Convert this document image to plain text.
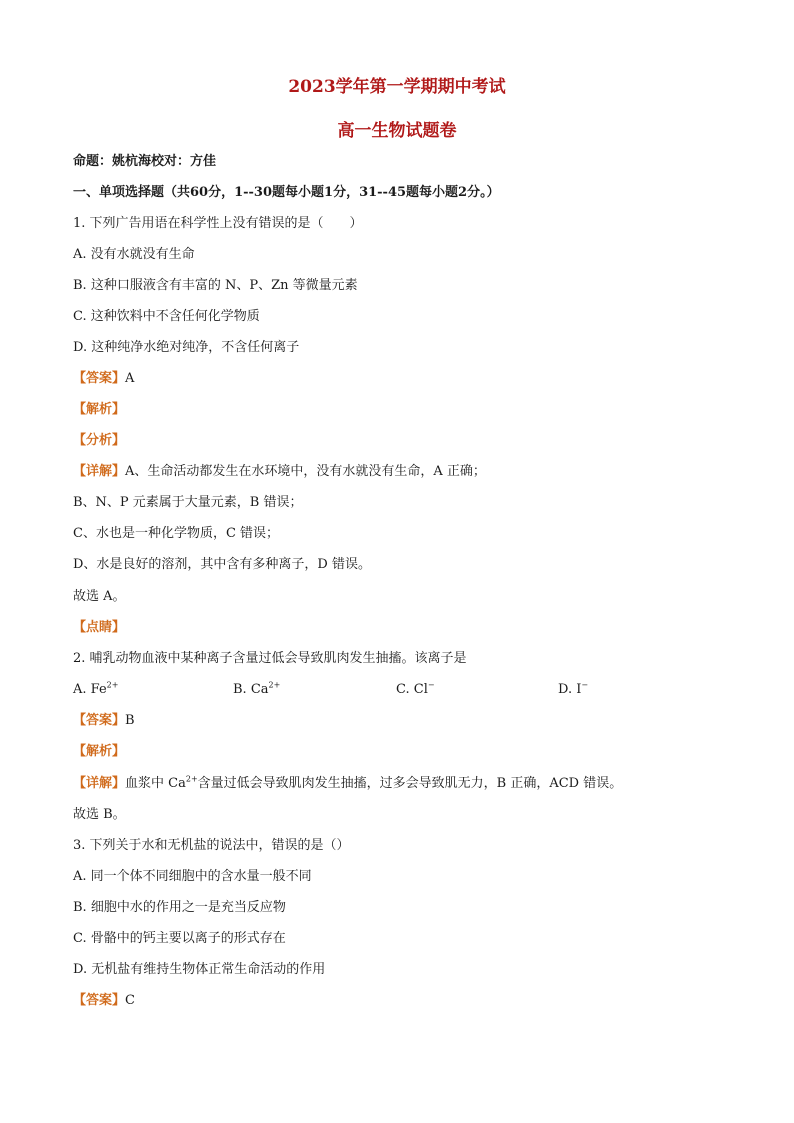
2023学年第一学期期中考试
高一生物试题卷
命题：姚杭海校对：方佳
一、单项选择题（共60分，1--30题每小题1分，31--45题每小题2分。）
1. 下列广告用语在科学性上没有错误的是（　　）
A. 没有水就没有生命
B. 这种口服液含有丰富的 N、P、Zn 等微量元素
C. 这种饮料中不含任何化学物质
D. 这种纯净水绝对纯净，不含任何离子
【答案】A
【解析】
【分析】
【详解】A、生命活动都发生在水环境中，没有水就没有生命，A 正确；
B、N、P 元素属于大量元素，B 错误；
C、水也是一种化学物质，C 错误；
D、水是良好的溶剂，其中含有多种离子，D 错误。
故选 A。
【点睛】
2. 哺乳动物血液中某种离子含量过低会导致肌肉发生抽搐。该离子是
A. $Fe^{2+}$	B. $Ca^{2+}$	C. Cl−	D. I−
【答案】B
【解析】
【详解】血浆中 $Ca^{2+}$含量过低会导致肌肉发生抽搐，过多会导致肌无力，B 正确，ACD 错误。
故选 B。
3. 下列关于水和无机盐的说法中，错误的是（）
A. 同一个体不同细胞中的含水量一般不同
B. 细胞中水的作用之一是充当反应物
C. 骨骼中的钙主要以离子的形式存在
D. 无机盐有维持生物体正常生命活动的作用
【答案】C
